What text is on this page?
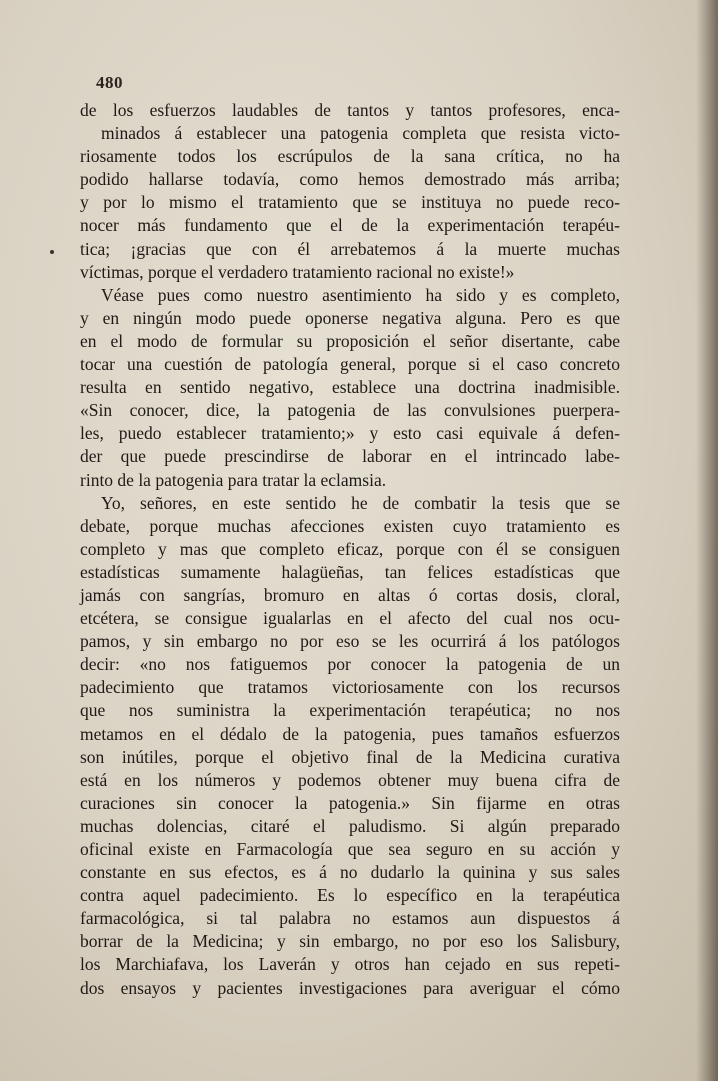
480
de los esfuerzos laudables de tantos y tantos profesores, enca-
minados á establecer una patogenia completa que resista victo-
riosamente todos los escrúpulos de la sana crítica, no ha
podido hallarse todavía, como hemos demostrado más arriba;
y por lo mismo el tratamiento que se instituya no puede reco-
nocer más fundamento que el de la experimentación terapéu-
tica; ¡gracias que con él arrebatemos á la muerte muchas
víctimas, porque el verdadero tratamiento racional no existe!»
Véase pues como nuestro asentimiento ha sido y es completo,
y en ningún modo puede oponerse negativa alguna. Pero es que
en el modo de formular su proposición el señor disertante, cabe
tocar una cuestión de patología general, porque si el caso concreto
resulta en sentido negativo, establece una doctrina inadmisible.
«Sin conocer, dice, la patogenia de las convulsiones puerpera-
les, puedo establecer tratamiento;» y esto casi equivale á defen-
der que puede prescindirse de laborar en el intrincado labe-
rinto de la patogenia para tratar la eclamsia.
Yo, señores, en este sentido he de combatir la tesis que se
debate, porque muchas afecciones existen cuyo tratamiento es
completo y mas que completo eficaz, porque con él se consiguen
estadísticas sumamente halagüeñas, tan felices estadísticas que
jamás con sangrías, bromuro en altas ó cortas dosis, cloral,
etcétera, se consigue igualarlas en el afecto del cual nos ocu-
pamos, y sin embargo no por eso se les ocurrirá á los patólogos
decir: «no nos fatiguemos por conocer la patogenia de un
padecimiento que tratamos victoriosamente con los recursos
que nos suministra la experimentación terapéutica; no nos
metamos en el dédalo de la patogenia, pues tamaños esfuerzos
son inútiles, porque el objetivo final de la Medicina curativa
está en los números y podemos obtener muy buena cifra de
curaciones sin conocer la patogenia.» Sin fijarme en otras
muchas dolencias, citaré el paludismo. Si algún preparado
oficinal existe en Farmacología que sea seguro en su acción y
constante en sus efectos, es á no dudarlo la quinina y sus sales
contra aquel padecimiento. Es lo específico en la terapéutica
farmacológica, si tal palabra no estamos aun dispuestos á
borrar de la Medicina; y sin embargo, no por eso los Salisbury,
los Marchiafava, los Laverán y otros han cejado en sus repeti-
dos ensayos y pacientes investigaciones para averiguar el cómo
